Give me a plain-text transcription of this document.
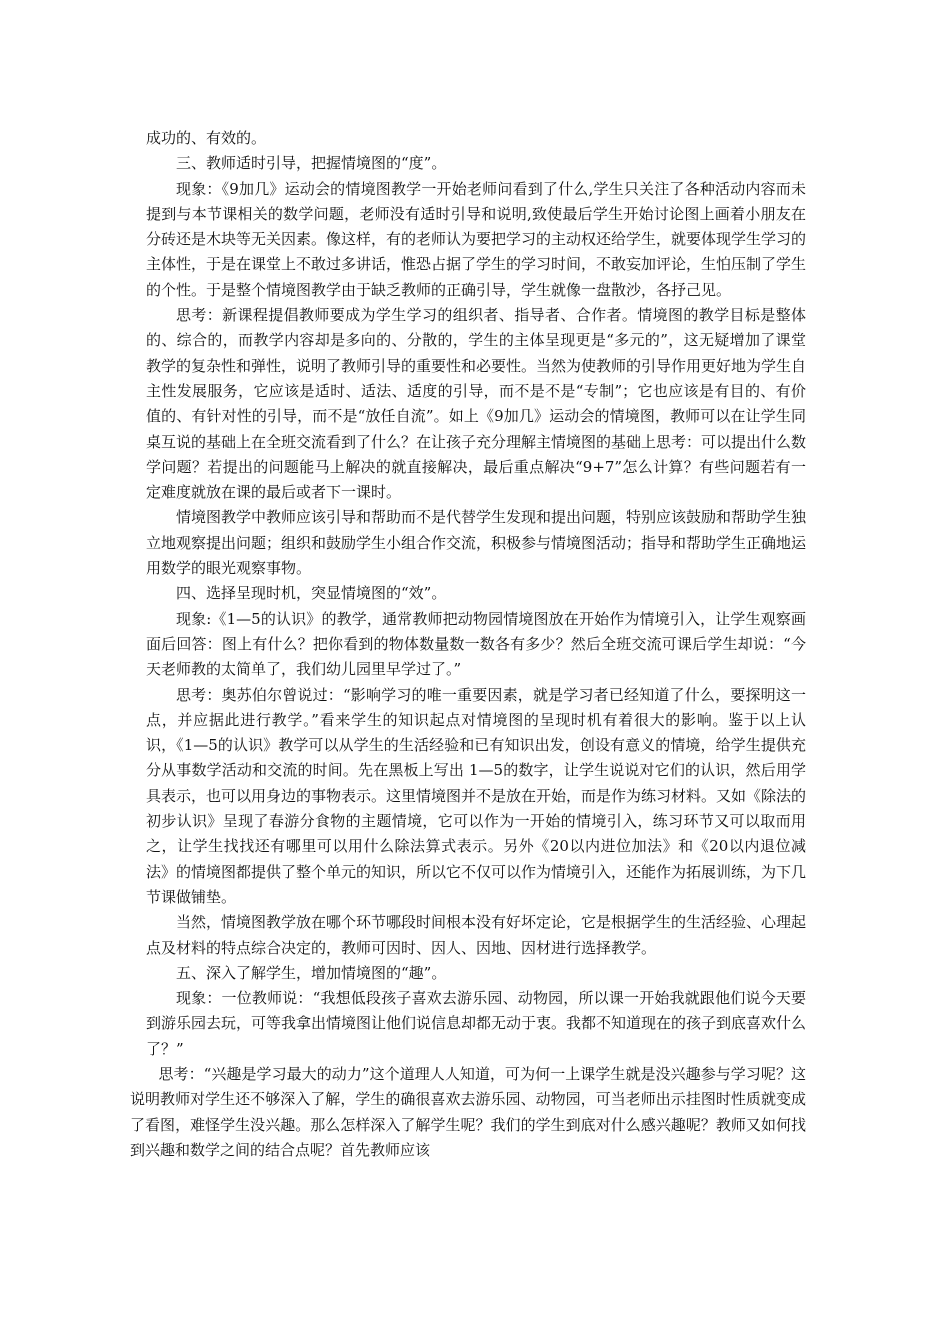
成功的、有效的。

三、教师适时引导，把握情境图的“度”。

现象：《9加几》运动会的情境图教学一开始老师问看到了什么,学生只关注了各种活动内容而未提到与本节课相关的数学问题，老师没有适时引导和说明,致使最后学生开始讨论图上画着小朋友在分砖还是木块等无关因素。像这样，有的老师认为要把学习的主动权还给学生，就要体现学生学习的主体性，于是在课堂上不敢过多讲话，惟恐占据了学生的学习时间，不敢妄加评论，生怕压制了学生的个性。于是整个情境图教学由于缺乏教师的正确引导，学生就像一盘散沙，各抒己见。

思考：新课程提倡教师要成为学生学习的组织者、指导者、合作者。情境图的教学目标是整体的、综合的，而教学内容却是多向的、分散的，学生的主体呈现更是“多元的”，这无疑增加了课堂教学的复杂性和弹性，说明了教师引导的重要性和必要性。当然为使教师的引导作用更好地为学生自主性发展服务，它应该是适时、适法、适度的引导，而不是不是“专制”；它也应该是有目的、有价值的、有针对性的引导，而不是“放任自流”。如上《9加几》运动会的情境图，教师可以在让学生同桌互说的基础上在全班交流看到了什么？在让孩子充分理解主情境图的基础上思考：可以提出什么数学问题？若提出的问题能马上解决的就直接解决，最后重点解决“9+7”怎么计算？有些问题若有一定难度就放在课的最后或者下一课时。

情境图教学中教师应该引导和帮助而不是代替学生发现和提出问题，特别应该鼓励和帮助学生独立地观察提出问题；组织和鼓励学生小组合作交流，积极参与情境图活动；指导和帮助学生正确地运用数学的眼光观察事物。

四、选择呈现时机，突显情境图的“效”。

现象:《1—5的认识》的教学，通常教师把动物园情境图放在开始作为情境引入，让学生观察画面后回答：图上有什么？把你看到的物体数量数一数各有多少？然后全班交流可课后学生却说：“今天老师教的太简单了，我们幼儿园里早学过了。”

思考：奥苏伯尔曾说过：“影响学习的唯一重要因素，就是学习者已经知道了什么，要探明这一点，并应据此进行教学。”看来学生的知识起点对情境图的呈现时机有着很大的影响。鉴于以上认识，《1—5的认识》教学可以从学生的生活经验和已有知识出发，创设有意义的情境，给学生提供充分从事数学活动和交流的时间。先在黑板上写出 1—5的数字，让学生说说对它们的认识，然后用学具表示，也可以用身边的事物表示。这里情境图并不是放在开始，而是作为练习材料。又如《除法的初步认识》呈现了春游分食物的主题情境，它可以作为一开始的情境引入，练习环节又可以取而用之，让学生找找还有哪里可以用什么除法算式表示。另外《20以内进位加法》和《20以内退位减法》的情境图都提供了整个单元的知识，所以它不仅可以作为情境引入，还能作为拓展训练，为下几节课做铺垫。

当然，情境图教学放在哪个环节哪段时间根本没有好坏定论，它是根据学生的生活经验、心理起点及材料的特点综合决定的，教师可因时、因人、因地、因材进行选择教学。

五、深入了解学生，增加情境图的“趣”。

现象：一位教师说：“我想低段孩子喜欢去游乐园、动物园，所以课一开始我就跟他们说今天要到游乐园去玩，可等我拿出情境图让他们说信息却都无动于衷。我都不知道现在的孩子到底喜欢什么了？”

思考：“兴趣是学习最大的动力”这个道理人人知道，可为何一上课学生就是没兴趣参与学习呢？这说明教师对学生还不够深入了解，学生的确很喜欢去游乐园、动物园，可当老师出示挂图时性质就变成了看图，难怪学生没兴趣。那么怎样深入了解学生呢？我们的学生到底对什么感兴趣呢？教师又如何找到兴趣和数学之间的结合点呢？首先教师应该
